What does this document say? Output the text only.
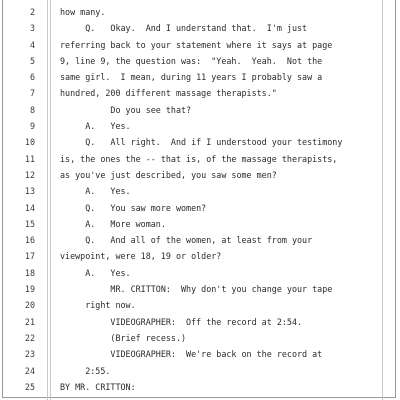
2	how many.
3	Q.   Okay.  And I understand that.  I'm just
4	referring back to your statement where it says at page
5	9, line 9, the question was:  "Yeah.  Yeah.  Not the
6	same girl.  I mean, during 11 years I probably saw a
7	hundred, 200 different massage therapists."
8	Do you see that?
9	A.   Yes.
10	Q.   All right.  And if I understood your testimony
11	is, the ones the -- that is, of the massage therapists,
12	as you've just described, you saw some men?
13	A.   Yes.
14	Q.   You saw more women?
15	A.   More woman.
16	Q.   And all of the women, at least from your
17	viewpoint, were 18, 19 or older?
18	A.   Yes.
19	MR. CRITTON:  Why don't you change your tape
20	right now.
21	VIDEOGRAPHER:  Off the record at 2:54.
22	(Brief recess.)
23	VIDEOGRAPHER:  We're back on the record at
24	2:55.
25	BY MR. CRITTON:
